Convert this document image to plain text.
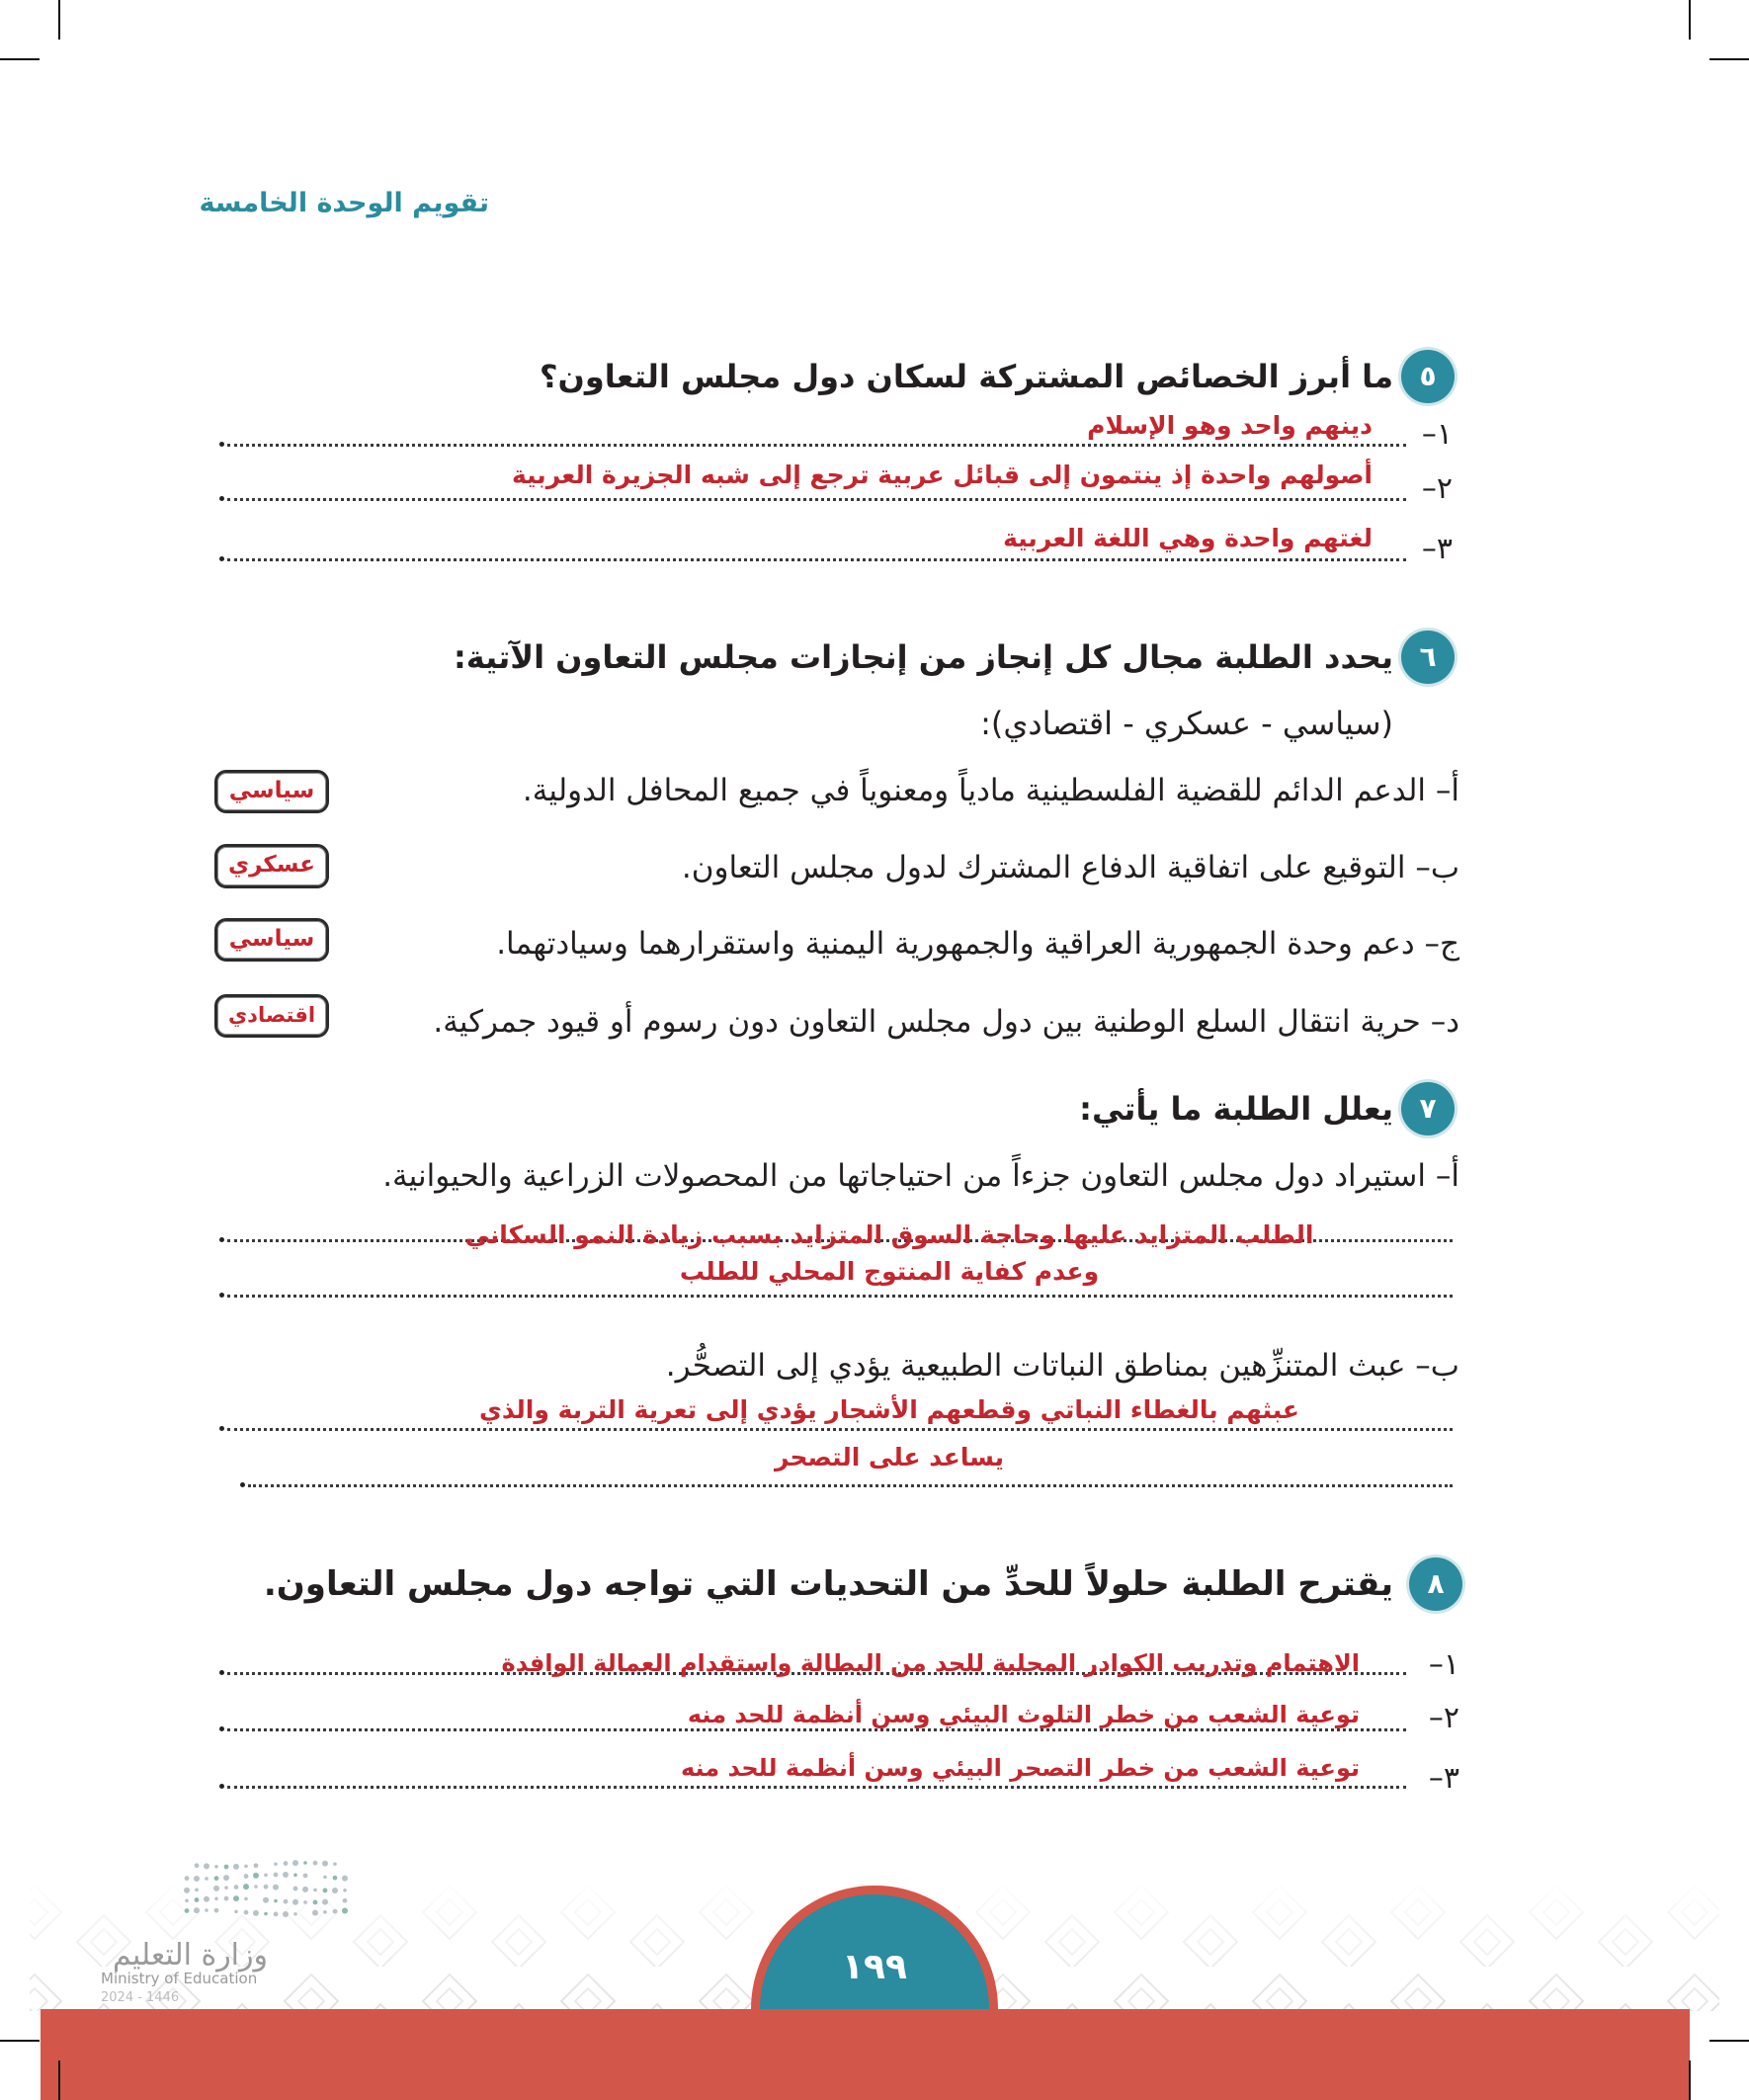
تقويم الوحدة الخامسة
٥
ما أبرز الخصائص المشتركة لسكان دول مجلس التعاون؟
١–
دينهم واحد وهو الإسلام
٢–
أصولهم واحدة إذ ينتمون إلى قبائل عربية ترجع إلى شبه الجزيرة العربية
٣–
لغتهم واحدة وهي اللغة العربية
٦
يحدد الطلبة مجال كل إنجاز من إنجازات مجلس التعاون الآتية:
(سياسي - عسكري - اقتصادي):
أ– الدعم الدائم للقضية الفلسطينية مادياً ومعنوياً في جميع المحافل الدولية.
سياسي
ب– التوقيع على اتفاقية الدفاع المشترك لدول مجلس التعاون.
عسكري
ج– دعم وحدة الجمهورية العراقية والجمهورية اليمنية واستقرارهما وسيادتهما.
سياسي
د– حرية انتقال السلع الوطنية بين دول مجلس التعاون دون رسوم أو قيود جمركية.
اقتصادي
٧
يعلل الطلبة ما يأتي:
أ– استيراد دول مجلس التعاون جزءاً من احتياجاتها من المحصولات الزراعية والحيوانية.
الطلب المتزايد عليها وحاجة السوق المتزايد بسبب زيادة النمو السكاني
وعدم كفاية المنتوج المحلي للطلب
ب– عبث المتنزِّهين بمناطق النباتات الطبيعية يؤدي إلى التصحُّر.
عبثهم بالغطاء النباتي وقطعهم الأشجار يؤدي إلى تعرية التربة والذي
يساعد على التصحر
٨
يقترح الطلبة حلولاً للحدِّ من التحديات التي تواجه دول مجلس التعاون.
١–
الاهتمام وتدريب الكوادر المحلية للحد من البطالة واستقدام العمالة الوافدة
٢–
توعية الشعب من خطر التلوث البيئي وسن أنظمة للحد منه
٣–
توعية الشعب من خطر التصحر البيئي وسن أنظمة للحد منه
وزارة التعليم
Ministry of Education
2024 - 1446
١٩٩
